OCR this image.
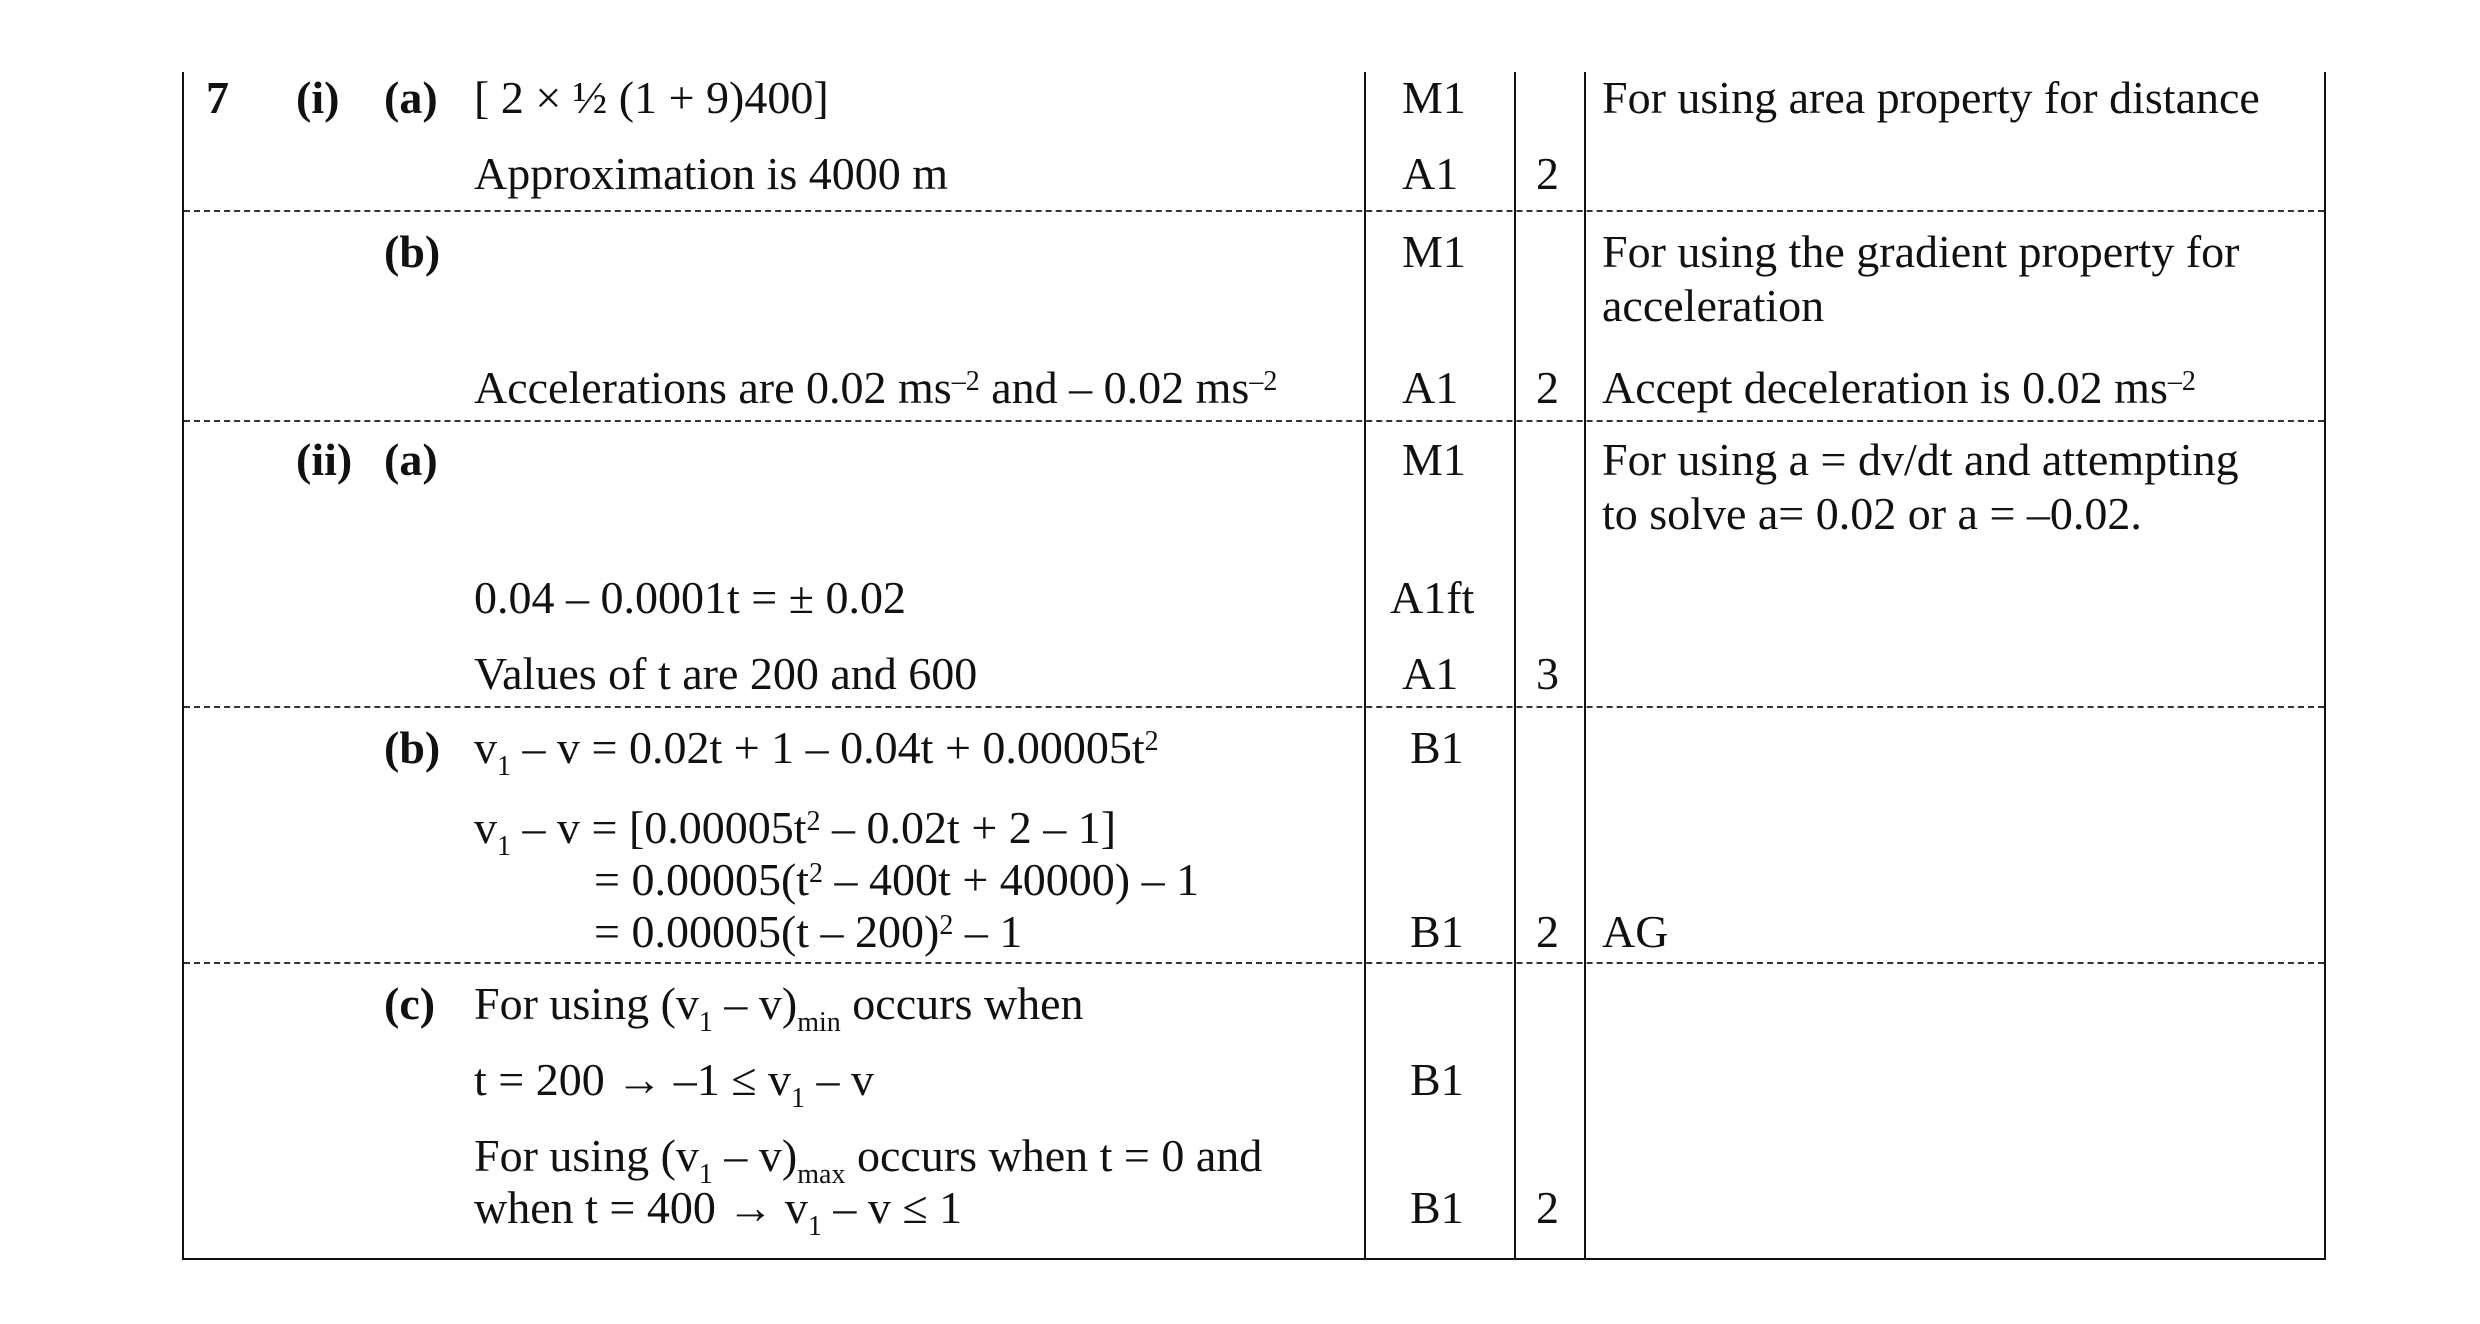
7 (i) (a) [ 2 × ½ (1 + 9)400]
Approximation is 4000 m
M1
A1 2
For using area property for distance
(b)
Accelerations are 0.02 $ms^{-2}$ and – 0.02 $ms^{-2}$
M1
A1 2
For using the gradient property for
acceleration
Accept deceleration is 0.02 $ms^{-2}$
(ii) (a)
0.04 – 0.0001t = ± 0.02
Values of t are 200 and 600
M1
A1ft
A1 3
For using a = dv/dt and attempting
to solve a= 0.02 or a = –0.02.
(b) $v_1 - v = 0.02t + 1 - 0.04t + 0.00005t^2$
$v_1 - v = [0.00005t^2 - 0.02t + 2 - 1]$
= $0.00005(t^2 - 400t + 40000) - 1$
= 0.00005(t – 200)$^2$ – 1
B1
B1 2 AG
(c) For using $(v_1 - v)_{min}$ occurs when
$t = 200 \to -1 \le v_1 - v$
For using $(v_1 - v)_{max}$ occurs when t = 0 and
when $t = 400 \to v_1 - v \le 1$
B1
B1 2
